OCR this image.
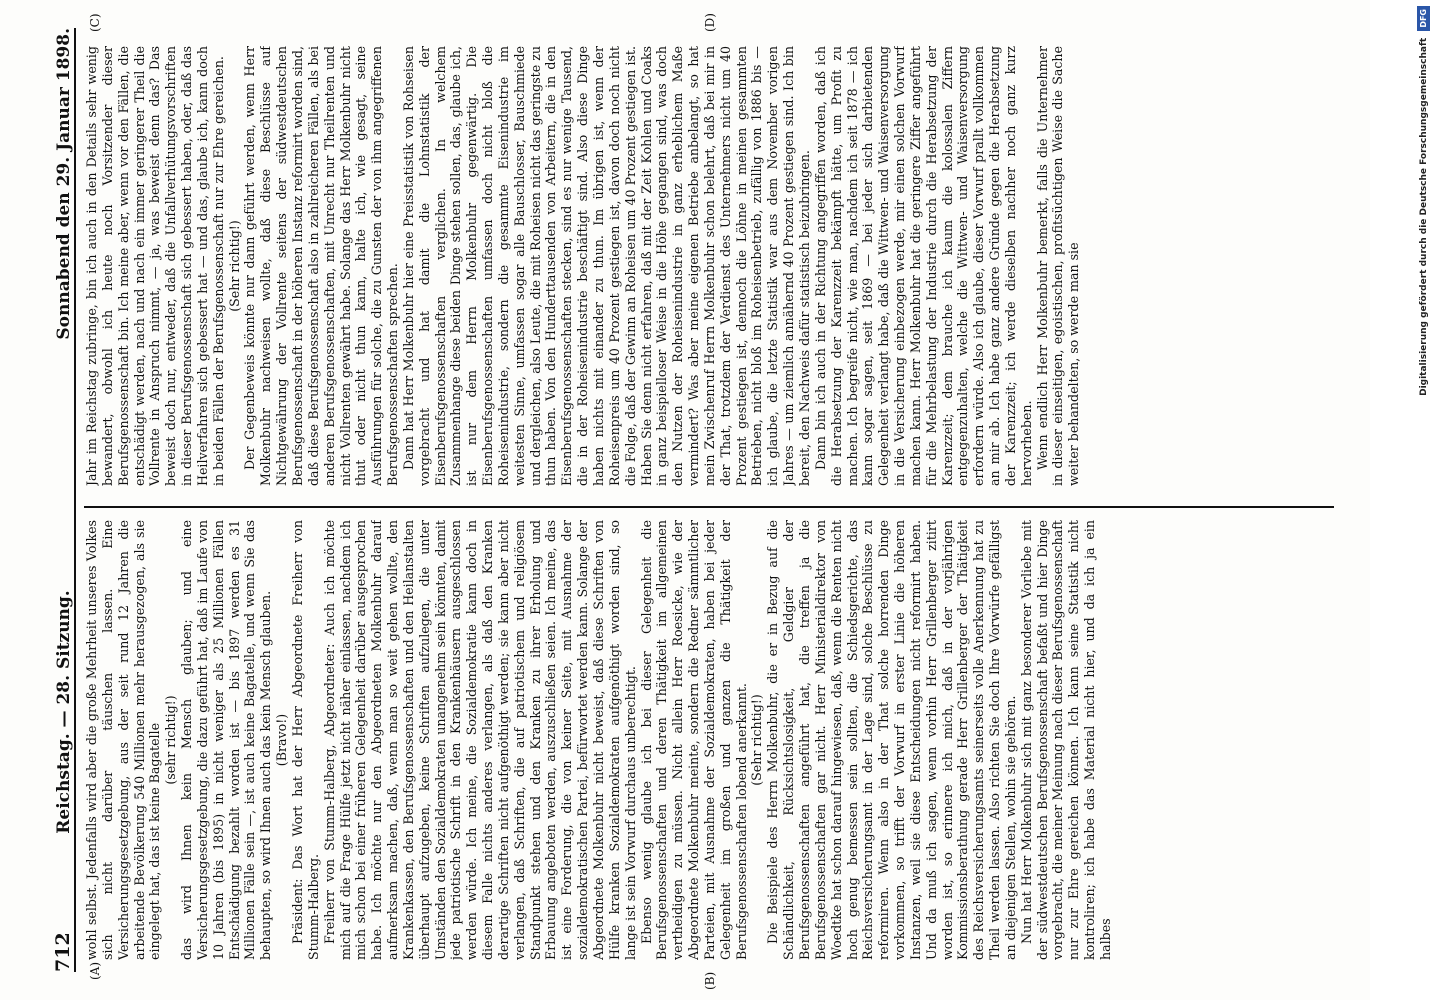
712
Reichstag. — 28. Sitzung.
Sonnabend den 29. Januar 1898.
(A)
(B)
(C)	(D)

wohl selbst. Jedenfalls wird aber die große Mehrheit unseres Volkes sich nicht darüber täuschen lassen. Eine Versicherungsgesetzgebung, aus der seit rund 12 Jahren die arbeitende Bevölkerung 540 Millionen mehr herausgezogen, als sie eingelegt hat, das ist keine Bagatelle (sehr richtig!) das wird Ihnen kein Mensch glauben; und eine Versicherungsgesetzgebung, die dazu geführt hat, daß im Laufe von 10 Jahren (bis 1895) in nicht weniger als 25 Millionen Fällen Entschädigung bezahlt worden ist — bis 1897 werden es 31 Millionen Fälle sein —, ist auch keine Bagatelle, und wenn Sie das behaupten, so wird Ihnen auch das kein Mensch glauben. (Bravo!) Präsident: Das Wort hat der Herr Abgeordnete Freiherr von Stumm-Halberg. Freiherr von Stumm-Halberg, Abgeordneter: Auch ich möchte mich auf die Frage Hülfe jetzt nicht näher einlassen, nachdem ich mich schon bei einer früheren Gelegenheit darüber ausgesprochen habe. Ich möchte nur den Abgeordneten Molkenbuhr darauf aufmerksam machen, daß, wenn man so weit gehen wollte, den Krankenkassen, den Berufsgenossenschaften und den Heilanstalten überhaupt aufzugeben, keine Schriften aufzulegen, die unter Umständen den Sozialdemokraten unangenehm sein könnten, damit jede patriotische Schrift in den Krankenhäusern ausgeschlossen werden würde. Ich meine, die Sozialdemokratie kann doch in diesem Falle nichts anderes verlangen, als daß den Kranken derartige Schriften nicht aufgenöthigt werden; sie kann aber nicht verlangen, daß Schriften, die auf patriotischem und religiösem Standpunkt stehen und den Kranken zu ihrer Erholung und Erbauung angeboten werden, auszuschließen seien. Ich meine, das ist eine Forderung, die von keiner Seite, mit Ausnahme der sozialdemokratischen Partei, befürwortet werden kann. Solange der Abgeordnete Molkenbuhr nicht beweist, daß diese Schriften von Hülfe kranken Sozialdemokraten aufgenöthigt worden sind, so lange ist sein Vorwurf durchaus unberechtigt. Ebenso wenig glaube ich bei dieser Gelegenheit die Berufsgenossenschaften und deren Thätigkeit im allgemeinen vertheidigen zu müssen. Nicht allein Herr Roesicke, wie der Abgeordnete Molkenbuhr meinte, sondern die Redner sämmtlicher Parteien, mit Ausnahme der Sozialdemokraten, haben bei jeder Gelegenheit im großen und ganzen die Thätigkeit der Berufsgenossenschaften lobend anerkannt. (Sehr richtig!) Die Beispiele des Herrn Molkenbuhr, die er in Bezug auf die Schändlichkeit, Rücksichtslosigkeit, Geldgier der Berufsgenossenschaften angeführt hat, die treffen ja die Berufsgenossenschaften gar nicht. Herr Ministerialdirektor von Woedtke hat schon darauf hingewiesen, daß, wenn die Renten nicht hoch genug bemessen sein sollten, die Schiedsgerichte, das Reichsversicherungsamt in der Lage sind, solche Beschlüsse zu reformiren. Wenn also in der That solche horrenden Dinge vorkommen, so trifft der Vorwurf in erster Linie die höheren Instanzen, weil sie diese Entscheidungen nicht reformirt haben. Und da muß ich sagen, wenn vorhin Herr Grillenberger zitirt worden ist, so erinnere ich mich, daß in der vorjährigen Kommissionsberathung gerade Herr Grillenberger der Thätigkeit des Reichsversicherungsamts seinerseits volle Anerkennung hat zu Theil werden lassen. Also richten Sie doch Ihre Vorwürfe gefälligst an diejenigen Stellen, wohin sie gehören. Nun hat Herr Molkenbuhr sich mit ganz besonderer Vorliebe mit der südwestdeutschen Berufsgenossenschaft befaßt und hier Dinge vorgebracht, die meiner Meinung nach dieser Berufsgenossenschaft nur zur Ehre gereichen können. Ich kann seine Statistik nicht kontroliren; ich habe das Material nicht hier, und da ich ja ein halbes

Jahr im Reichstag zubringe, bin ich auch in den Details sehr wenig bewandert, obwohl ich heute noch Vorsitzender dieser Berufsgenossenschaft bin. Ich meine aber, wenn vor den Fällen, die entschädigt werden, nach und nach ein immer geringerer Theil die Vollrente in Anspruch nimmt, — ja, was beweist denn das? Das beweist doch nur, entweder, daß die Unfallverhütungsvorschriften in dieser Berufsgenossenschaft sich gebessert haben, oder, daß das Heilverfahren sich gebessert hat — und das, glaube ich, kann doch in beiden Fällen der Berufsgenossenschaft nur zur Ehre gereichen. (Sehr richtig!) Der Gegenbeweis könnte nur dann geführt werden, wenn Herr Molkenbuhr nachweisen wollte, daß diese Beschlüsse auf Nichtgewährung der Vollrente seitens der südwestdeutschen Berufsgenossenschaft in der höheren Instanz reformirt worden sind, daß diese Berufsgenossenschaft also in zahlreicheren Fällen, als bei anderen Berufsgenossenschaften, mit Unrecht nur Theilrenten und nicht Vollrenten gewährt habe. Solange das Herr Molkenbuhr nicht thut oder nicht thun kann, halte ich, wie gesagt, seine Ausführungen für solche, die zu Gunsten der von ihm angegriffenen Berufsgenossenschaften sprechen. Dann hat Herr Molkenbuhr hier eine Preisstatistik von Rohseisen vorgebracht und hat damit die Lohnstatistik der Eisenberufsgenossenschaften verglichen. In welchem Zusammenhange diese beiden Dinge stehen sollen, das, glaube ich, ist nur dem Herrn Molkenbuhr gegenwärtig. Die Eisenberufsgenossenschaften umfassen doch nicht bloß die Roheisenindustrie, sondern die gesammte Eisenindustrie im weitesten Sinne, umfassen sogar alle Bauschlosser, Bauschmiede und dergleichen, also Leute, die mit Roheisen nicht das geringste zu thun haben. Von den Hunderttausenden von Arbeitern, die in den Eisenberufsgenossenschaften stecken, sind es nur wenige Tausend, die in der Roheisenindustrie beschäftigt sind. Also diese Dinge haben nichts mit einander zu thun. Im übrigen ist, wenn der Roheisenpreis um 40 Prozent gestiegen ist, davon doch noch nicht die Folge, daß der Gewinn an Roheisen um 40 Prozent gestiegen ist. Haben Sie denn nicht erfahren, daß mit der Zeit Kohlen und Coaks in ganz beispielloser Weise in die Höhe gegangen sind, was doch den Nutzen der Roheisenindustrie in ganz erheblichem Maße vermindert? Was aber meine eigenen Betriebe anbelangt, so hat mein Zwischenruf Herrn Molkenbuhr schon belehrt, daß bei mir in der That, trotzdem der Verdienst des Unternehmers nicht um 40 Prozent gestiegen ist, dennoch die Löhne in meinen gesammten Betrieben, nicht bloß im Roheisenbetrieb, zufällig von 1886 bis — ich glaube, die letzte Statistik war aus dem November vorigen Jahres — um ziemlich annähernd 40 Prozent gestiegen sind. Ich bin bereit, den Nachweis dafür statistisch beizubringen. Dann bin ich auch in der Richtung angegriffen worden, daß ich die Herabsetzung der Karenzzeit bekämpft hätte, um Profit zu machen. Ich begreife nicht, wie man, nachdem ich seit 1878 — ich kann sogar sagen, seit 1869 — bei jeder sich darbietenden Gelegenheit verlangt habe, daß die Wittwen- und Waisenversorgung in die Versicherung einbezogen werde, mir einen solchen Vorwurf machen kann. Herr Molkenbuhr hat die geringere Ziffer angeführt für die Mehrbelastung der Industrie durch die Herabsetzung der Karenzzeit; dem brauche ich kaum die kolossalen Ziffern entgegenzuhalten, welche die Wittwen- und Waisenversorgung erfordern würde. Also ich glaube, dieser Vorwurf prallt vollkommen an mir ab. Ich habe ganz andere Gründe gegen die Herabsetzung der Karenzzeit; ich werde dieselben nachher noch ganz kurz hervorheben. Wenn endlich Herr Molkenbuhr bemerkt, falls die Unternehmer in dieser einseitigen, egoistischen, profitsüchtigen Weise die Sache weiter behandelten, so werde man sie	Digitalisierung gefördert durch die Deutsche Forschungsgemeinschaft DFG
